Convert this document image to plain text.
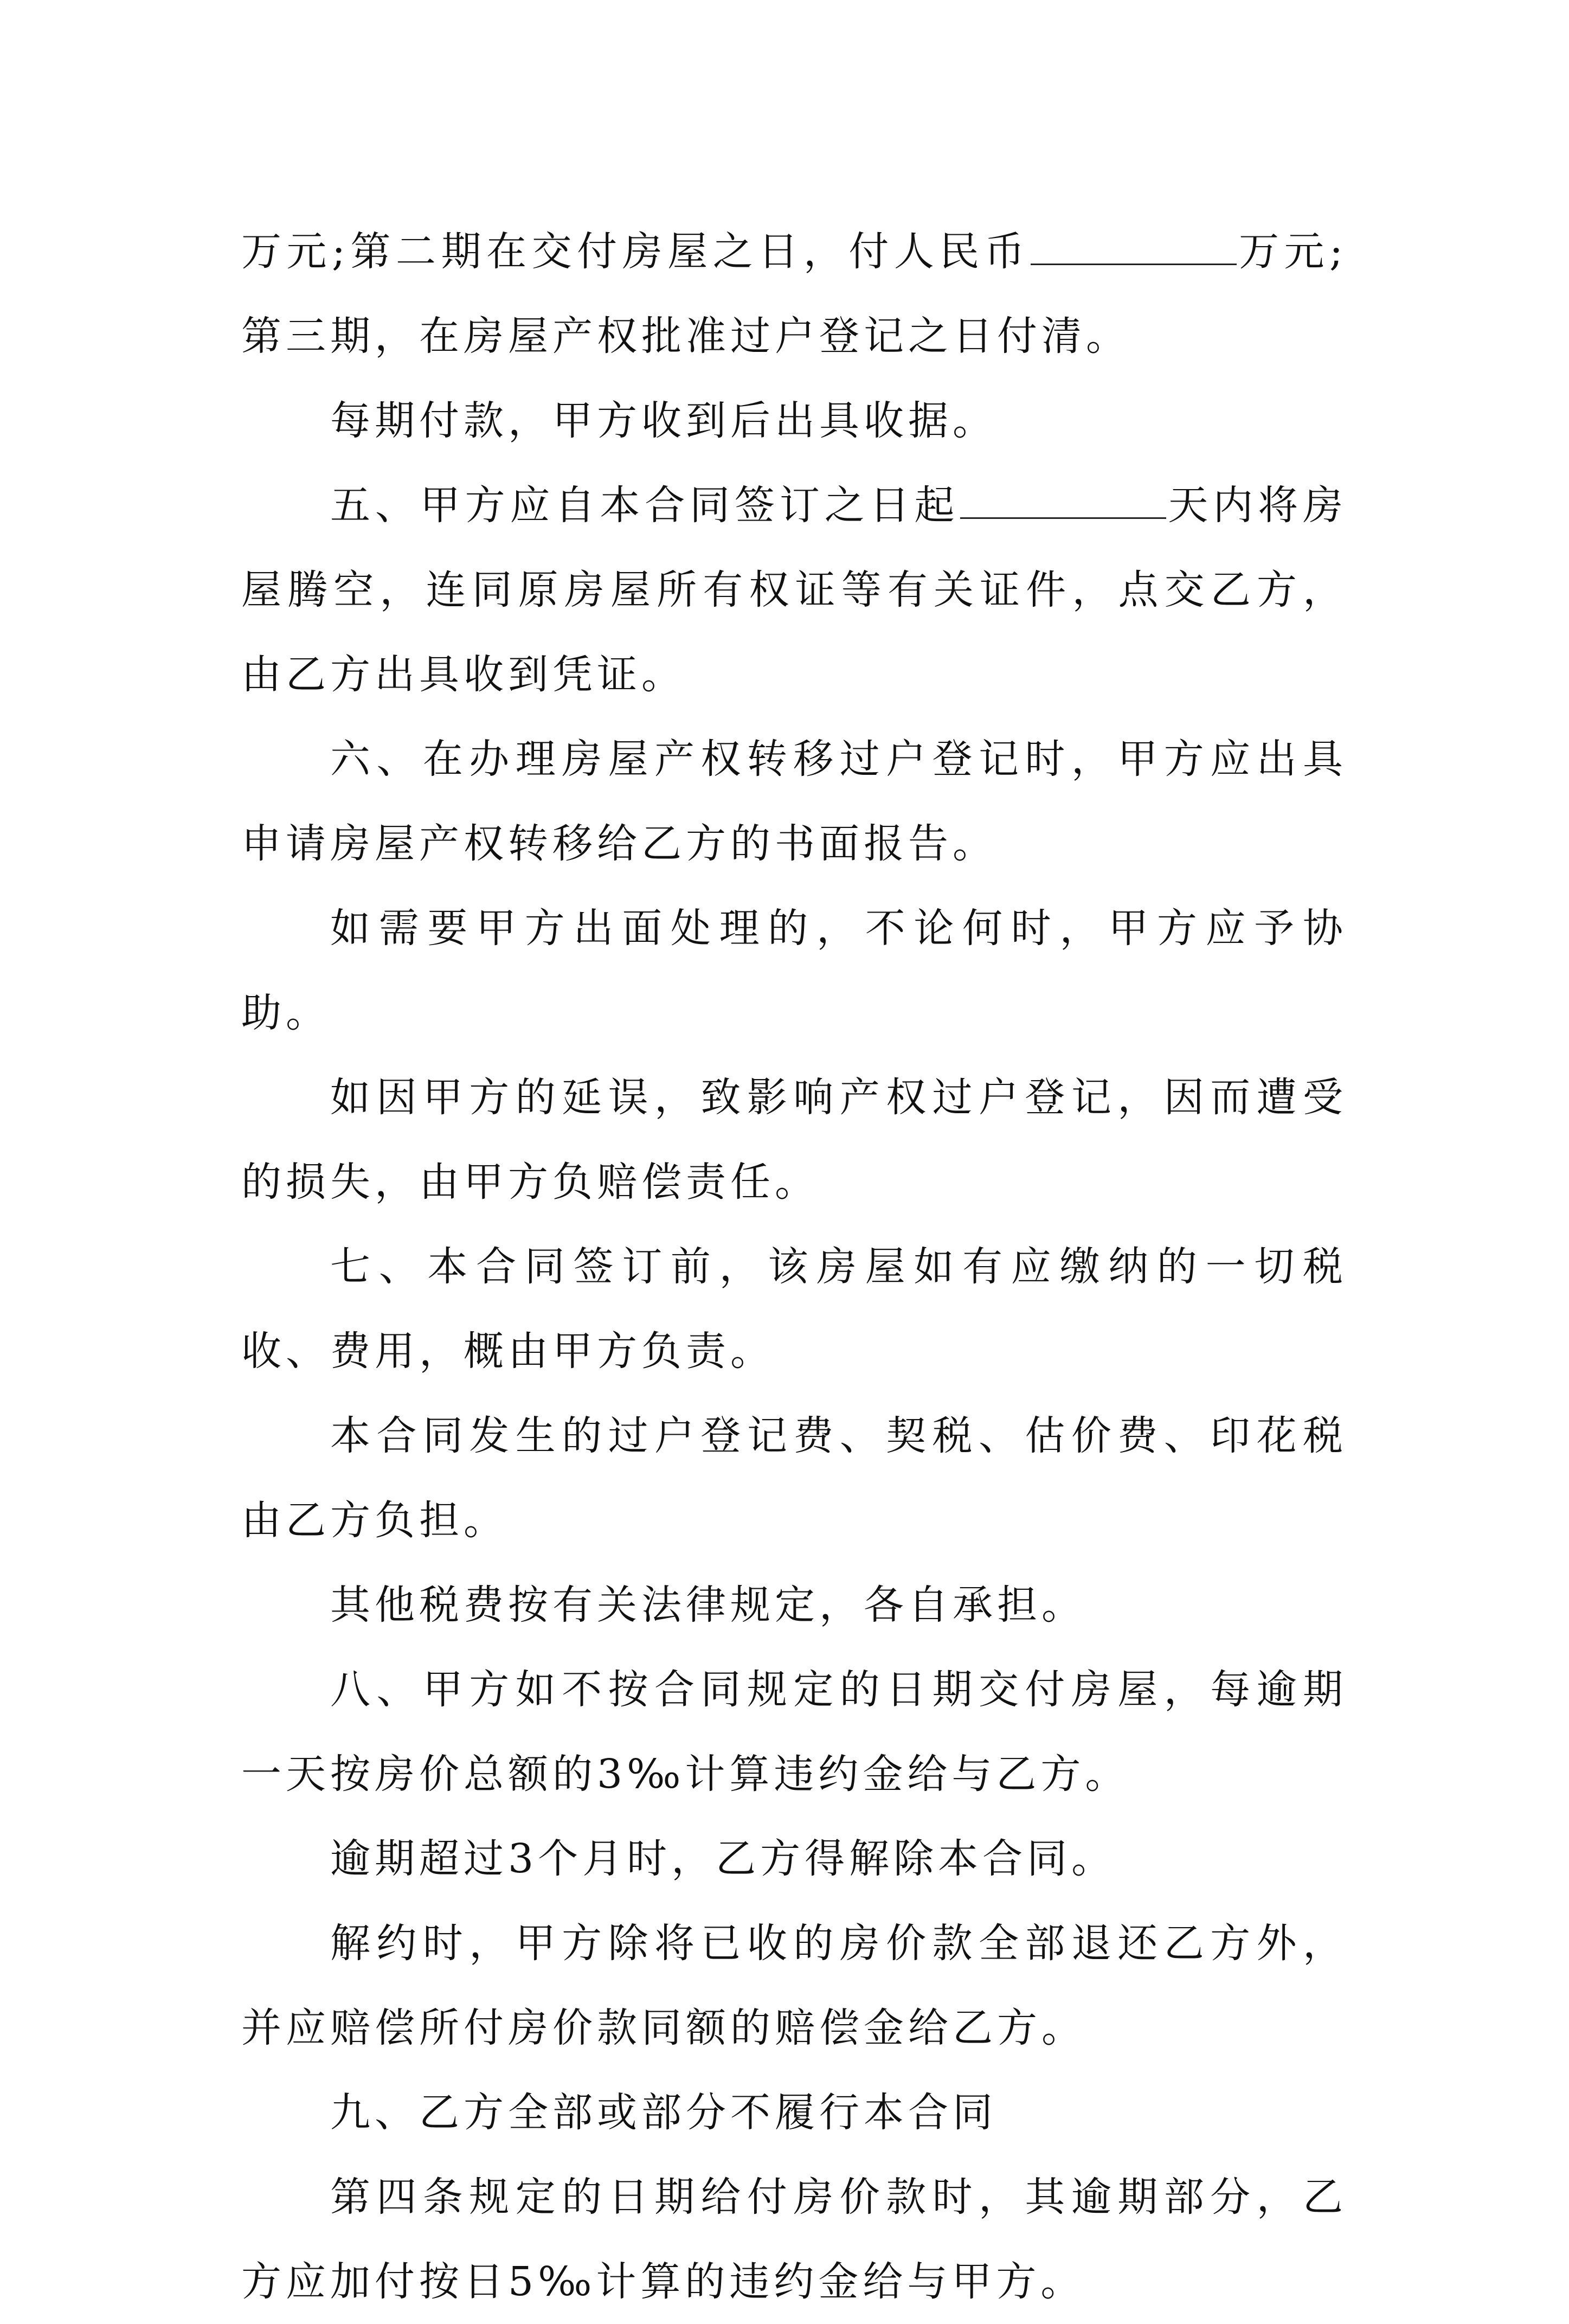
万元;第二期在交付房屋之日，付人民币	万元;第三期，在房屋产权批准过户登记之日付清。

每期付款，甲方收到后出具收据。

五、甲方应自本合同签订之日起	天内将房屋腾空，连同原房屋所有权证等有关证件，点交乙方，由乙方出具收到凭证。

六、在办理房屋产权转移过户登记时，甲方应出具申请房屋产权转移给乙方的书面报告。

如需要甲方出面处理的，不论何时，甲方应予协助。

如因甲方的延误，致影响产权过户登记，因而遭受的损失，由甲方负赔偿责任。

七、本合同签订前，该房屋如有应缴纳的一切税收、费用，概由甲方负责。

本合同发生的过户登记费、契税、估价费、印花税由乙方负担。

其他税费按有关法律规定，各自承担。

八、甲方如不按合同规定的日期交付房屋，每逾期一天按房价总额的3‰计算违约金给与乙方。

逾期超过3个月时，乙方得解除本合同。

解约时，甲方除将已收的房价款全部退还乙方外，并应赔偿所付房价款同额的赔偿金给乙方。

九、乙方全部或部分不履行本合同

第四条规定的日期给付房价款时，其逾期部分，乙方应加付按日5‰计算的违约金给与甲方。
